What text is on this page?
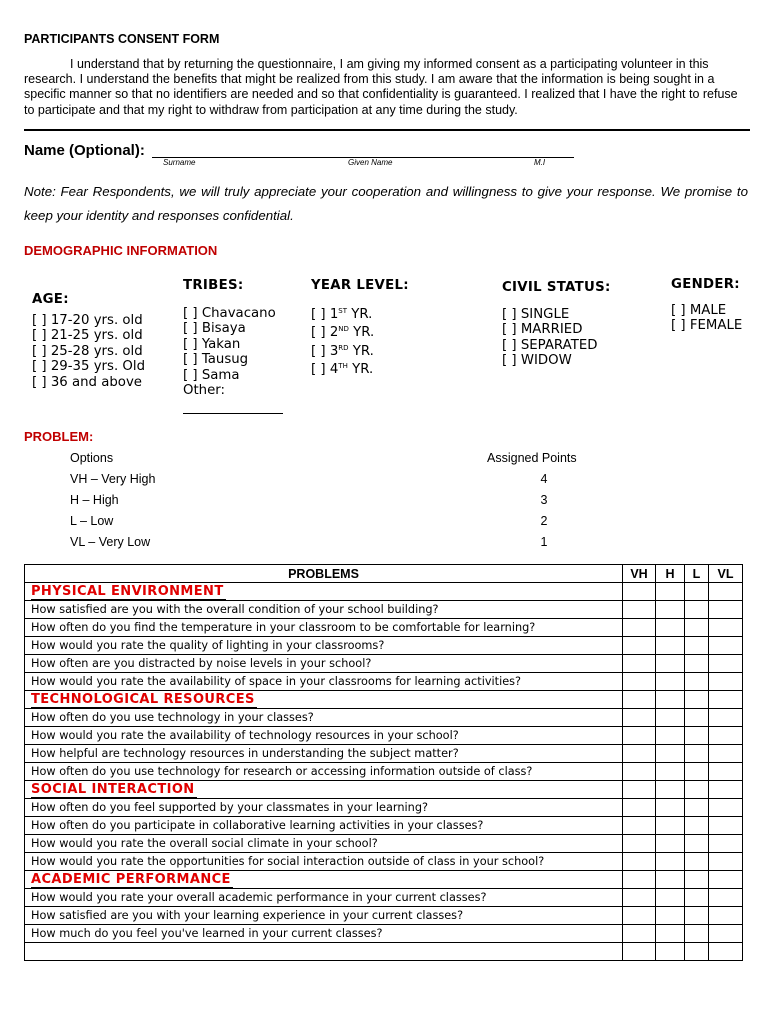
PARTICIPANTS CONSENT FORM
I understand that by returning the questionnaire, I am giving my informed consent as a participating volunteer in this research. I understand the benefits that might be realized from this study. I am aware that the information is being sought in a specific manner so that no identifiers are needed and so that confidentiality is guaranteed. I realized that I have the right to refuse to participate and that my right to withdraw from participation at any time during the study.
Name (Optional):
Surname	Given Name	M.I
Note: Fear Respondents, we will truly appreciate your cooperation and willingness to give your response. We promise to keep your identity and responses confidential.
DEMOGRAPHIC INFORMATION
AGE:
[ ] 17-20 yrs. old
[ ] 21-25 yrs. old
[ ] 25-28 yrs. old
[ ] 29-35 yrs. Old
[ ] 36 and above
TRIBES:
[ ] Chavacano
[ ] Bisaya
[ ] Yakan
[ ] Tausug
[ ] Sama
Other:
YEAR LEVEL:
[ ] 1ST YR.
[ ] 2ND YR.
[ ] 3RD YR.
[ ] 4TH YR.
CIVIL STATUS:
[ ] SINGLE
[ ] MARRIED
[ ] SEPARATED
[ ] WIDOW
GENDER:
[ ] MALE
[ ] FEMALE
PROBLEM:
Options	Assigned Points
VH – Very High	4
H – High	3
L – Low	2
VL – Very Low	1
PROBLEMS	VH	H	L	VL
PHYSICAL ENVIRONMENT				
How satisfied are you with the overall condition of your school building?				
How often do you find the temperature in your classroom to be comfortable for learning?				
How would you rate the quality of lighting in your classrooms?				
How often are you distracted by noise levels in your school?				
How would you rate the availability of space in your classrooms for learning activities?				
TECHNOLOGICAL RESOURCES				
How often do you use technology in your classes?				
How would you rate the availability of technology resources in your school?				
How helpful are technology resources in understanding the subject matter?				
How often do you use technology for research or accessing information outside of class?				
SOCIAL INTERACTION				
How often do you feel supported by your classmates in your learning?				
How often do you participate in collaborative learning activities in your classes?				
How would you rate the overall social climate in your school?				
How would you rate the opportunities for social interaction outside of class in your school?				
ACADEMIC PERFORMANCE				
How would you rate your overall academic performance in your current classes?				
How satisfied are you with your learning experience in your current classes?				
How much do you feel you've learned in your current classes?				
